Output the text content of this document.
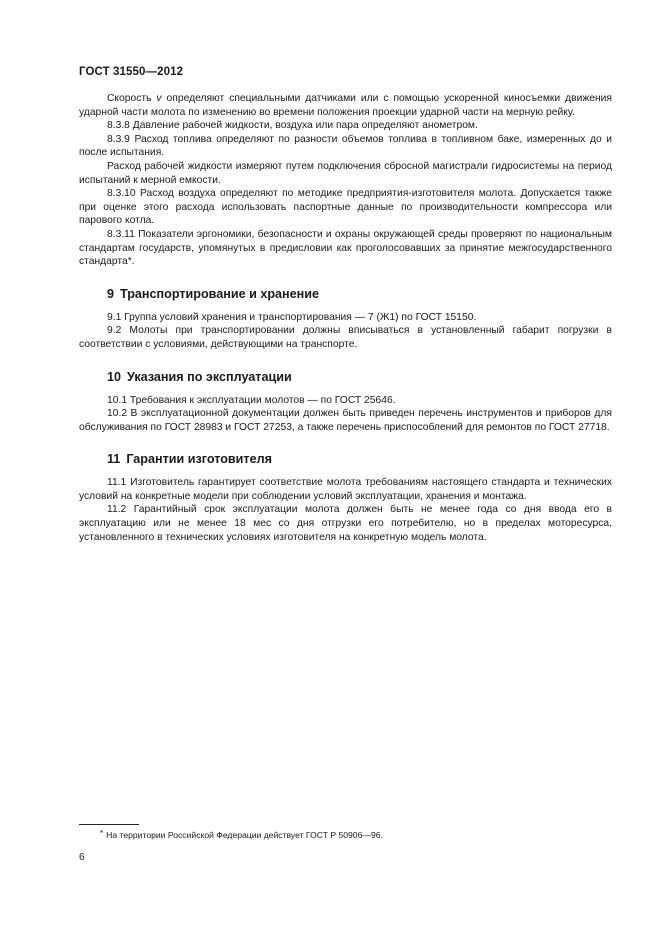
ГОСТ 31550—2012

Скорость v определяют специальными датчиками или с помощью ускоренной киносъемки движения ударной части молота по изменению во времени положения проекции ударной части на мерную рейку.

8.3.8 Давление рабочей жидкости, воздуха или пара определяют анометром.

8.3.9 Расход топлива определяют по разности объемов топлива в топливном баке, измеренных до и после испытания.

Расход рабочей жидкости измеряют путем подключения сбросной магистрали гидросистемы на период испытаний к мерной емкости.

8.3.10 Расход воздуха определяют по методике предприятия-изготовителя молота. Допускается также при оценке этого расхода использовать паспортные данные по производительности компрессора или парового котла.

8.3.11 Показатели эргономики, безопасности и охраны окружающей среды проверяют по национальным стандартам государств, упомянутых в предисловии как проголосовавших за принятие межгосударственного стандарта*.

9 Транспортирование и хранение

9.1 Группа условий хранения и транспортирования — 7 (Ж1) по ГОСТ 15150.

9.2 Молоты при транспортировании должны вписываться в установленный габарит погрузки в соответствии с условиями, действующими на транспорте.

10 Указания по эксплуатации

10.1 Требования к эксплуатации молотов — по ГОСТ 25646.

10.2 В эксплуатационной документации должен быть приведен перечень инструментов и приборов для обслуживания по ГОСТ 28983 и ГОСТ 27253, а также перечень приспособлений для ремонтов по ГОСТ 27718.

11 Гарантии изготовителя

11.1 Изготовитель гарантирует соответствие молота требованиям настоящего стандарта и технических условий на конкретные модели при соблюдении условий эксплуатации, хранения и монтажа.

11.2 Гарантийный срок эксплуатации молота должен быть не менее года со дня ввода его в эксплуатацию или не менее 18 мес со дня отгрузки его потребителю, но в пределах моторесурса, установленного в технических условиях изготовителя на конкретную модель молота.

* На территории Российской Федерации действует ГОСТ Р 50906—96.
6
